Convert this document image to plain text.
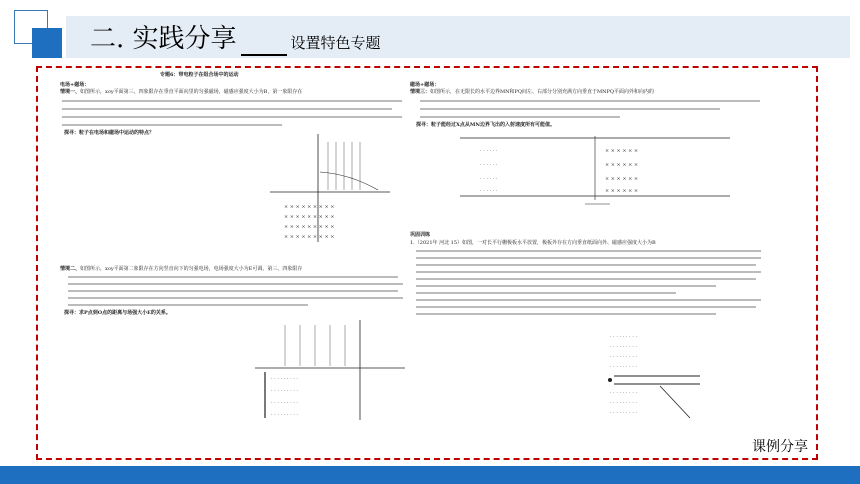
二. 实践分享	设置特色专题
专题6：带电粒子在组合场中的运动
电场+磁场：
情境一、如图所示，xoy平面第三、四象限存在垂直平面向里的匀强磁场，磁感应强度大小为B，第一象限存在
探寻：粒子在电场和磁场中运动的特点？
× × × × × × × × ×
× × × × × × × × ×
× × × × × × × × ×
× × × × × × × × ×
情境二、如图所示，xoy平面第二象限存在方向竖直向下的匀强电场，电场强度大小为E可调。第三、四象限存
探寻：求P点到O点的距离与场强大小E的关系。
· · · · · · · · ·
· · · · · · · · ·
· · · · · · · · ·
· · · · · · · · ·
磁场+磁场：
情境三：如图所示，在无限长的水平边界MN和PQ间左、右部分分别充满方向垂直于MNPQ平面向外和向内的
探寻：粒子能经过X点从MN边界飞出的入射速度所有可能值。
· · · · · ·
· · · · · ·
· · · · · ·
· · · · · ·
× × × × × ×
× × × × × ×
× × × × × ×
× × × × × ×
巩固训练
1.（2021年 河北 15）如图，一对长平行栅极板水平放置，极板外存在方向垂直纸面向外、磁感应强度大小为B
· · · · · · · · ·
· · · · · · · · ·
· · · · · · · · ·
· · · · · · · · ·
· · · · · · · · ·
· · · · · · · · ·
· · · · · · · · ·
课例分享
